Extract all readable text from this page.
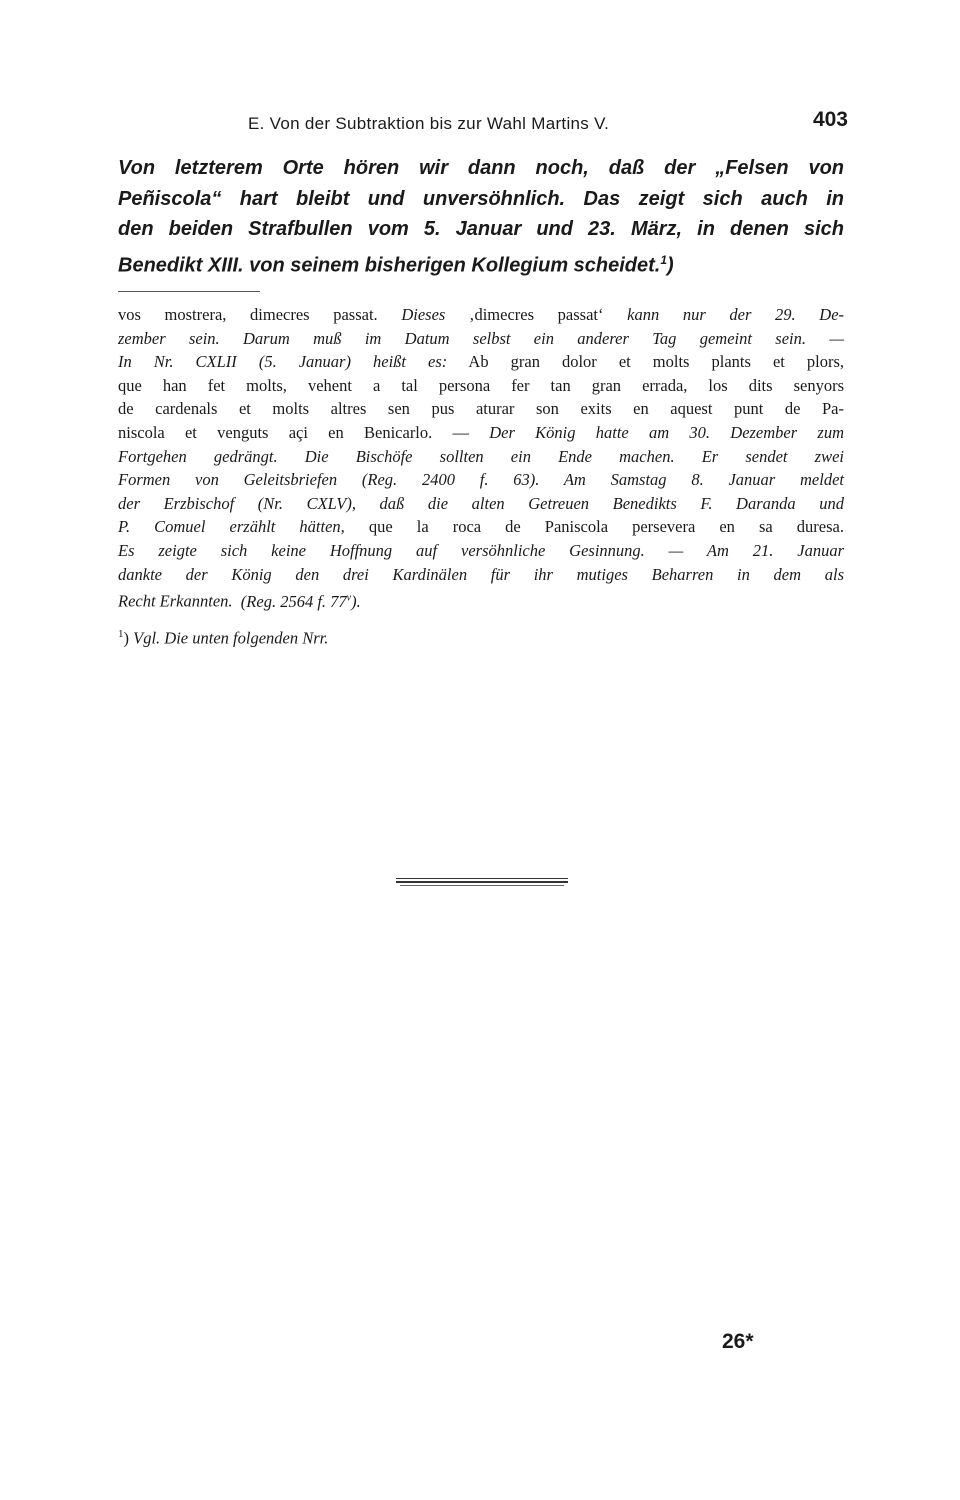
E. Von der Subtraktion bis zur Wahl Martins V.	403

Von letzterem Orte hören wir dann noch, daß der „Felsen von
Peñiscola“ hart bleibt und unversöhnlich. Das zeigt sich auch in
den beiden Strafbullen vom 5. Januar und 23. März, in denen sich
Benedikt XIII. von seinem bisherigen Kollegium scheidet.$^1$)

vos mostrera, dimecres passat. Dieses ‚dimecres passat‘ kann nur der 29. De-
zember sein. Darum muß im Datum selbst ein anderer Tag gemeint sein. —
In Nr. CXLII (5. Januar) heißt es: Ab gran dolor et molts plants et plors,
que han fet molts, vehent a tal persona fer tan gran errada, los dits senyors
de cardenals et molts altres sen pus aturar son exits en aquest punt de Pa-
niscola et venguts açi en Benicarlo. — Der König hatte am 30. Dezember zum
Fortgehen gedrängt. Die Bischöfe sollten ein Ende machen. Er sendet zwei
Formen von Geleitsbriefen (Reg. 2400 f. 63). Am Samstag 8. Januar meldet
der Erzbischof (Nr. CXLV), daß die alten Getreuen Benedikts F. Daranda und
P. Comuel erzählt hätten, que la roca de Paniscola persevera en sa duresa.
Es zeigte sich keine Hoffnung auf versöhnliche Gesinnung. — Am 21. Januar
dankte der König den drei Kardinälen für ihr mutiges Beharren in dem als
Recht Erkannten. (Reg. 2564 f. 77$^v$).
$^1$) Vgl. Die unten folgenden Nrr.
26*
